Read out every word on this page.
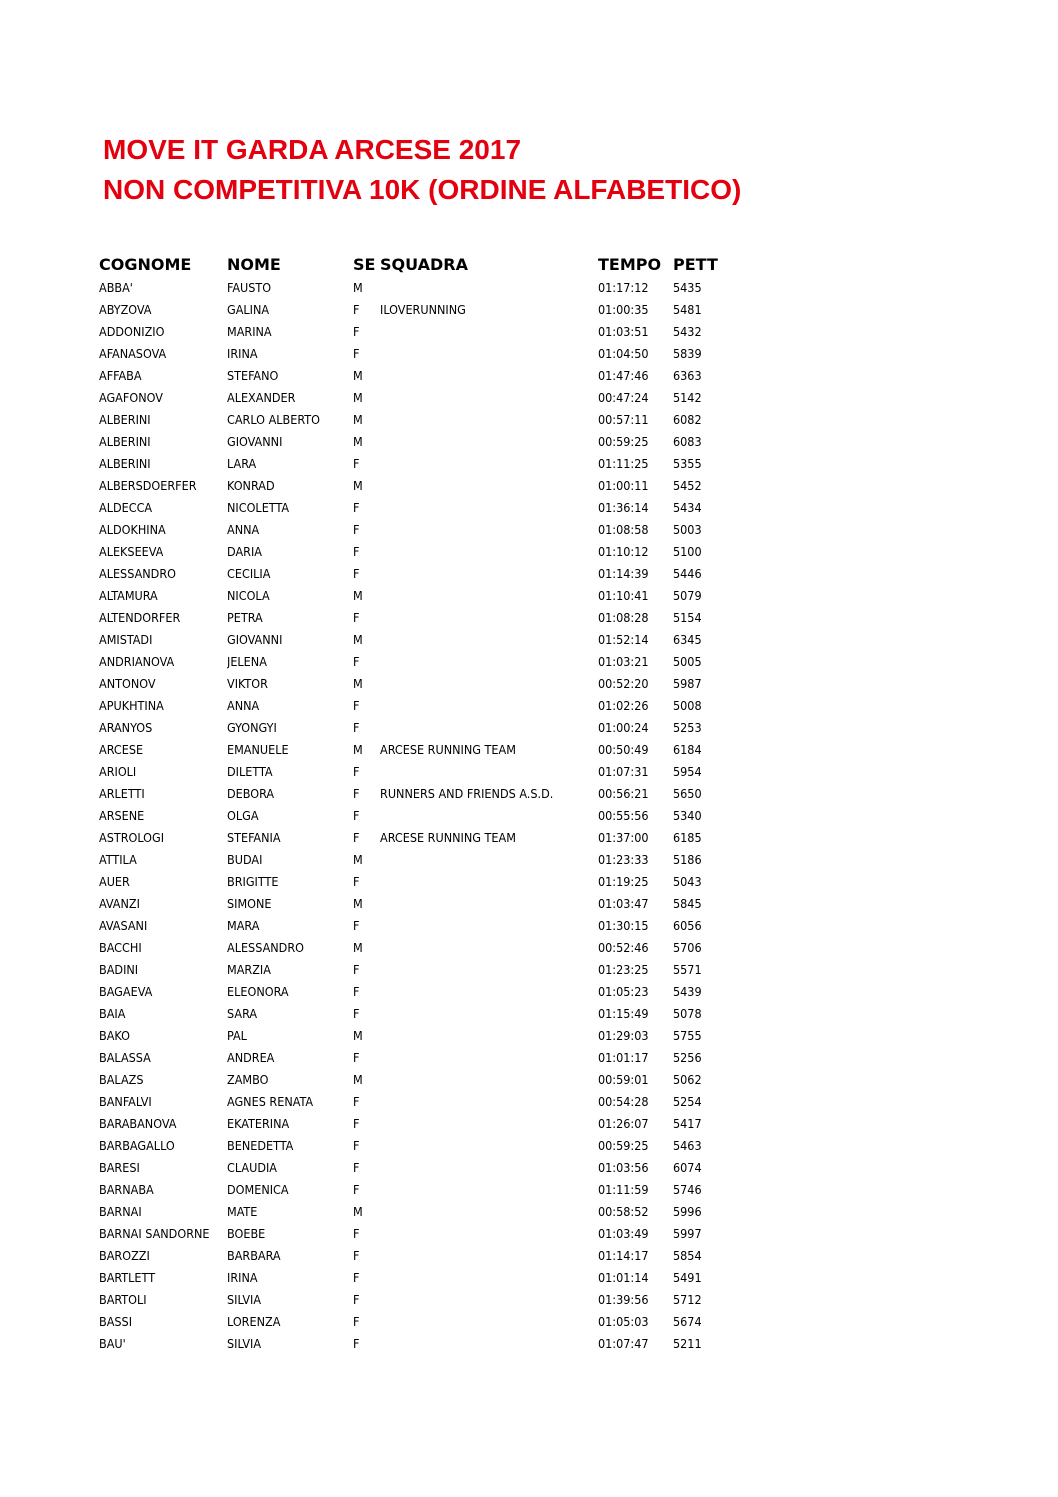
MOVE IT GARDA ARCESE 2017
NON COMPETITIVA 10K (ORDINE ALFABETICO)
COGNOME	NOME	SE	SQUADRA	TEMPO	PETT
ABBA'	FAUSTO	M		01:17:12	5435
ABYZOVA	GALINA	F	ILOVERUNNING	01:00:35	5481
ADDONIZIO	MARINA	F		01:03:51	5432
AFANASOVA	IRINA	F		01:04:50	5839
AFFABA	STEFANO	M		01:47:46	6363
AGAFONOV	ALEXANDER	M		00:47:24	5142
ALBERINI	CARLO ALBERTO	M		00:57:11	6082
ALBERINI	GIOVANNI	M		00:59:25	6083
ALBERINI	LARA	F		01:11:25	5355
ALBERSDOERFER	KONRAD	M		01:00:11	5452
ALDECCA	NICOLETTA	F		01:36:14	5434
ALDOKHINA	ANNA	F		01:08:58	5003
ALEKSEEVA	DARIA	F		01:10:12	5100
ALESSANDRO	CECILIA	F		01:14:39	5446
ALTAMURA	NICOLA	M		01:10:41	5079
ALTENDORFER	PETRA	F		01:08:28	5154
AMISTADI	GIOVANNI	M		01:52:14	6345
ANDRIANOVA	JELENA	F		01:03:21	5005
ANTONOV	VIKTOR	M		00:52:20	5987
APUKHTINA	ANNA	F		01:02:26	5008
ARANYOS	GYONGYI	F		01:00:24	5253
ARCESE	EMANUELE	M	ARCESE RUNNING TEAM	00:50:49	6184
ARIOLI	DILETTA	F		01:07:31	5954
ARLETTI	DEBORA	F	RUNNERS AND FRIENDS A.S.D.	00:56:21	5650
ARSENE	OLGA	F		00:55:56	5340
ASTROLOGI	STEFANIA	F	ARCESE RUNNING TEAM	01:37:00	6185
ATTILA	BUDAI	M		01:23:33	5186
AUER	BRIGITTE	F		01:19:25	5043
AVANZI	SIMONE	M		01:03:47	5845
AVASANI	MARA	F		01:30:15	6056
BACCHI	ALESSANDRO	M		00:52:46	5706
BADINI	MARZIA	F		01:23:25	5571
BAGAEVA	ELEONORA	F		01:05:23	5439
BAIA	SARA	F		01:15:49	5078
BAKO	PAL	M		01:29:03	5755
BALASSA	ANDREA	F		01:01:17	5256
BALAZS	ZAMBO	M		00:59:01	5062
BANFALVI	AGNES RENATA	F		00:54:28	5254
BARABANOVA	EKATERINA	F		01:26:07	5417
BARBAGALLO	BENEDETTA	F		00:59:25	5463
BARESI	CLAUDIA	F		01:03:56	6074
BARNABA	DOMENICA	F		01:11:59	5746
BARNAI	MATE	M		00:58:52	5996
BARNAI SANDORNE	BOEBE	F		01:03:49	5997
BAROZZI	BARBARA	F		01:14:17	5854
BARTLETT	IRINA	F		01:01:14	5491
BARTOLI	SILVIA	F		01:39:56	5712
BASSI	LORENZA	F		01:05:03	5674
BAU'	SILVIA	F		01:07:47	5211
